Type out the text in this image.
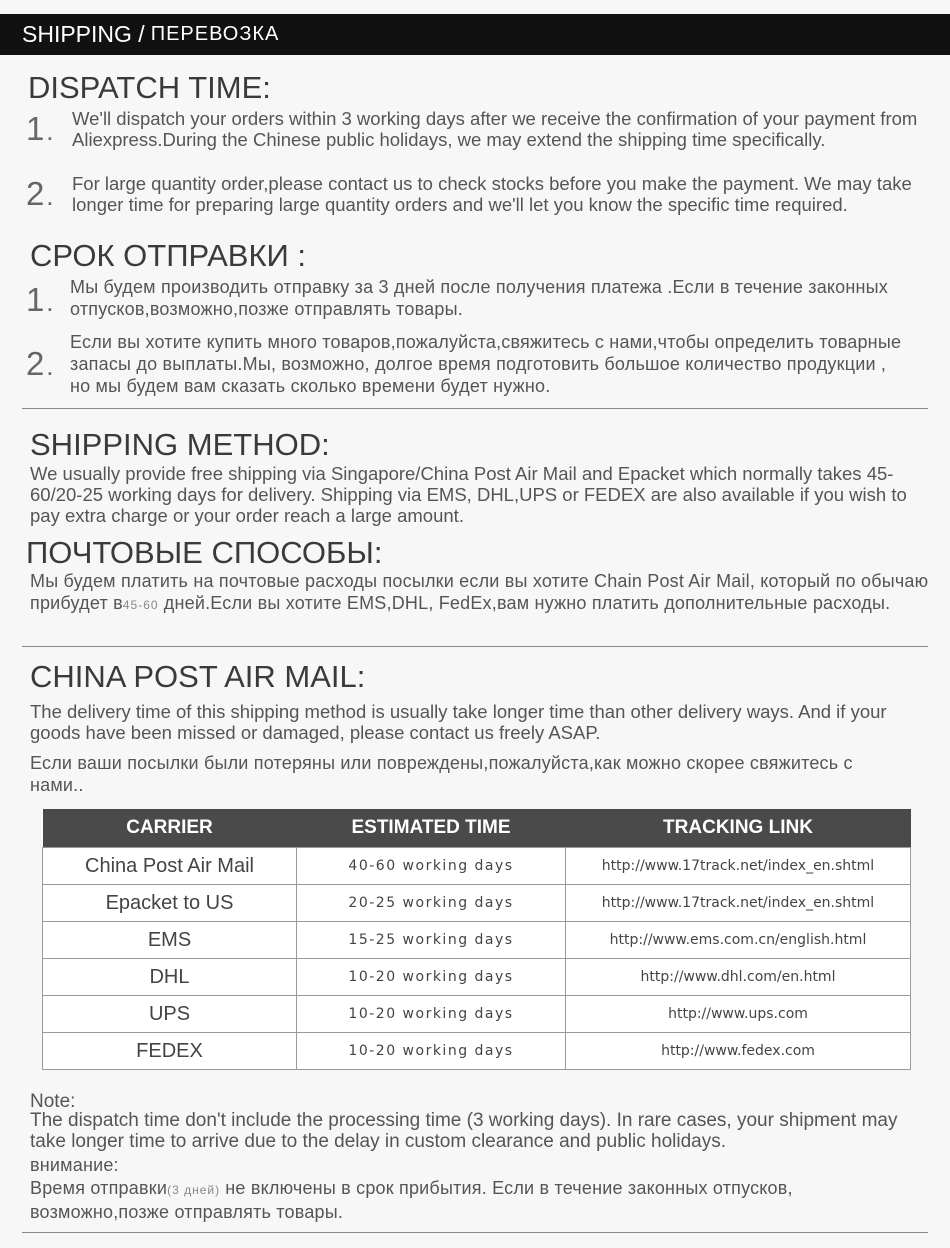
SHIPPING / ПЕРЕВОЗКА
DISPATCH TIME:
1 .
We'll dispatch your orders within 3 working days after we receive the confirmation of your payment from Aliexpress.During the Chinese public holidays, we may extend the shipping time specifically.
2 .
For large quantity order,please contact us to check stocks before you make the payment. We may take longer time for preparing large quantity orders and we'll let you know the specific time required.
СРОК ОТПРАВКИ :
1 .
Мы будем производить отправку за 3 дней после получения платежа .Если в течение законных отпусков,возможно,позже отправлять товары.
2 .
Если вы хотите купить много товаров,пожалуйста,свяжитесь с нами,чтобы определить товарные запасы до выплаты.Мы, возможно, долгое время подготовить большое количество продукции , но мы будем вам сказать сколько времени будет нужно.
SHIPPING METHOD:
We usually provide free shipping via Singapore/China Post Air Mail and Epacket which normally takes 45-60/20-25 working days for delivery. Shipping via EMS, DHL,UPS or FEDEX are also available if you wish to pay extra charge or your order reach a large amount.
ПОЧТОВЫЕ СПОСОБЫ:
Мы будем платить на почтовые расходы посылки если вы хотите Chain Post Air Mail, который по обычаю прибудет в45-60 дней.Если вы хотите EMS,DHL, FedEx,вам нужно платить дополнительные расходы.
CHINA POST AIR MAIL:
The delivery time of this shipping method is usually take longer time than other delivery ways. And if your goods have been missed or damaged, please contact us freely ASAP.
Если ваши посылки были потеряны или повреждены,пожалуйста,как можно скорее свяжитесь с нами..
CARRIER	ESTIMATED TIME	TRACKING LINK
China Post Air Mail	40-60 working days	http://www.17track.net/index_en.shtml
Epacket to US	20-25 working days	http://www.17track.net/index_en.shtml
EMS	15-25 working days	http://www.ems.com.cn/english.html
DHL	10-20 working days	http://www.dhl.com/en.html
UPS	10-20 working days	http://www.ups.com
FEDEX	10-20 working days	http://www.fedex.com
Note:
The dispatch time don't include the processing time (3 working days). In rare cases, your shipment may take longer time to arrive due to the delay in custom clearance and public holidays.
внимание:
Время отправки(3 дней) не включены в срок прибытия. Если в течение законных отпусков, возможно,позже отправлять товары.
